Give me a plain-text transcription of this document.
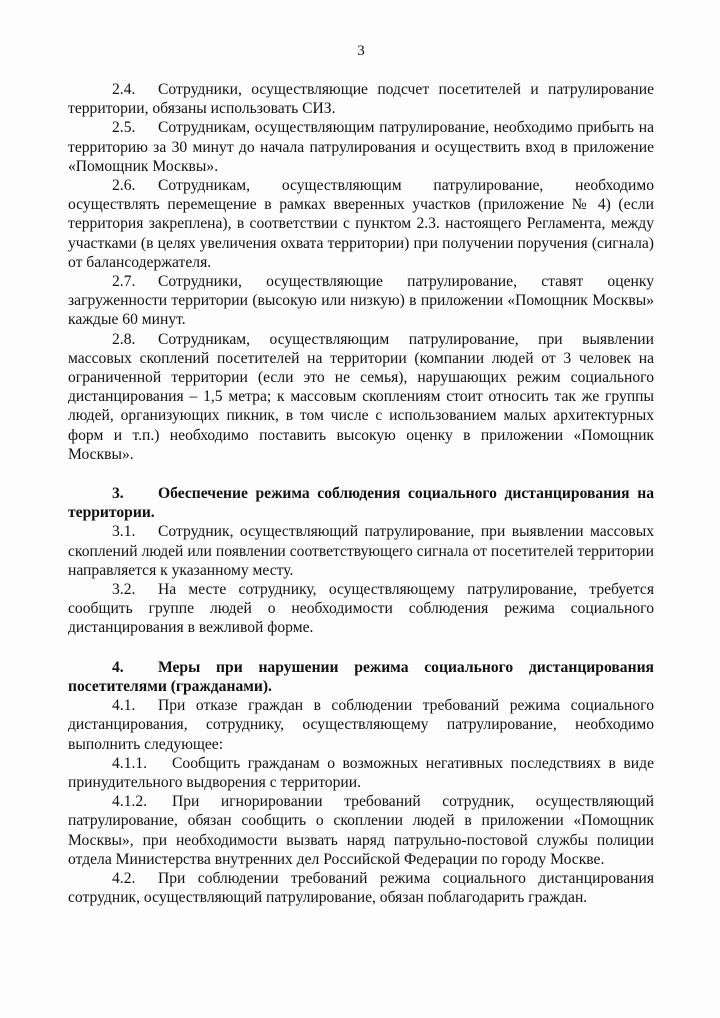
3

2.4. Сотрудники, осуществляющие подсчет посетителей и патрулирование территории, обязаны использовать СИЗ.

2.5. Сотрудникам, осуществляющим патрулирование, необходимо прибыть на территорию за 30 минут до начала патрулирования и осуществить вход в приложение «Помощник Москвы».

2.6. Сотрудникам, осуществляющим патрулирование, необходимо осуществлять перемещение в рамках вверенных участков (приложение № 4) (если территория закреплена), в соответствии с пунктом 2.3. настоящего Регламента, между участками (в целях увеличения охвата территории) при получении поручения (сигнала) от балансодержателя.

2.7. Сотрудники, осуществляющие патрулирование, ставят оценку загруженности территории (высокую или низкую) в приложении «Помощник Москвы» каждые 60 минут.

2.8. Сотрудникам, осуществляющим патрулирование, при выявлении массовых скоплений посетителей на территории (компании людей от 3 человек на ограниченной территории (если это не семья), нарушающих режим социального дистанцирования – 1,5 метра; к массовым скоплениям стоит относить так же группы людей, организующих пикник, в том числе с использованием малых архитектурных форм и т.п.) необходимо поставить высокую оценку в приложении «Помощник Москвы».

3. Обеспечение режима соблюдения социального дистанцирования на территории.

3.1. Сотрудник, осуществляющий патрулирование, при выявлении массовых скоплений людей или появлении соответствующего сигнала от посетителей территории направляется к указанному месту.

3.2. На месте сотруднику, осуществляющему патрулирование, требуется сообщить группе людей о необходимости соблюдения режима социального дистанцирования в вежливой форме.

4. Меры при нарушении режима социального дистанцирования посетителями (гражданами).

4.1. При отказе граждан в соблюдении требований режима социального дистанцирования, сотруднику, осуществляющему патрулирование, необходимо выполнить следующее:

4.1.1. Сообщить гражданам о возможных негативных последствиях в виде принудительного выдворения с территории.

4.1.2. При игнорировании требований сотрудник, осуществляющий патрулирование, обязан сообщить о скоплении людей в приложении «Помощник Москвы», при необходимости вызвать наряд патрульно-постовой службы полиции отдела Министерства внутренних дел Российской Федерации по городу Москве.

4.2. При соблюдении требований режима социального дистанцирования сотрудник, осуществляющий патрулирование, обязан поблагодарить граждан.
